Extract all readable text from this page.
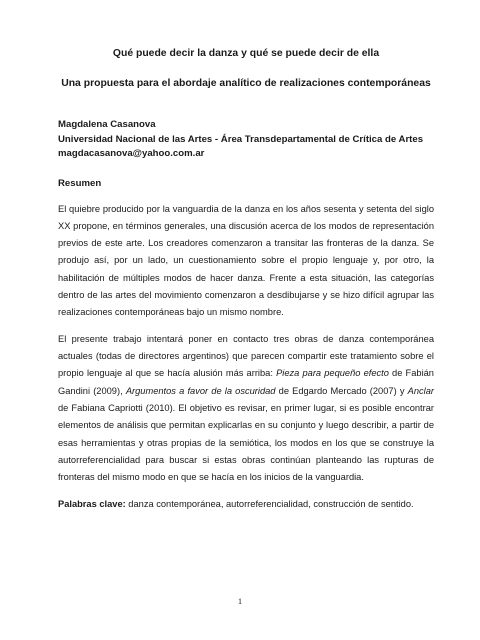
Qué puede decir la danza y qué se puede decir de ella
Una propuesta para el abordaje analítico de realizaciones contemporáneas
Magdalena Casanova
Universidad Nacional de las Artes - Área Transdepartamental de Crítica de Artes
magdacasanova@yahoo.com.ar
Resumen

El quiebre producido por la vanguardia de la danza en los años sesenta y setenta del siglo XX propone, en términos generales, una discusión acerca de los modos de representación previos de este arte. Los creadores comenzaron a transitar las fronteras de la danza. Se produjo así, por un lado, un cuestionamiento sobre el propio lenguaje y, por otro, la habilitación de múltiples modos de hacer danza. Frente a esta situación, las categorías dentro de las artes del movimiento comenzaron a desdibujarse y se hizo difícil agrupar las realizaciones contemporáneas bajo un mismo nombre.

El presente trabajo intentará poner en contacto tres obras de danza contemporánea actuales (todas de directores argentinos) que parecen compartir este tratamiento sobre el propio lenguaje al que se hacía alusión más arriba: Pieza para pequeño efecto de Fabián Gandini (2009), Argumentos a favor de la oscuridad de Edgardo Mercado (2007) y Anclar de Fabiana Capriotti (2010). El objetivo es revisar, en primer lugar, si es posible encontrar elementos de análisis que permitan explicarlas en su conjunto y luego describir, a partir de esas herramientas y otras propias de la semiótica, los modos en los que se construye la autorreferencialidad para buscar si estas obras continúan planteando las rupturas de fronteras del mismo modo en que se hacía en los inicios de la vanguardia.

Palabras clave: danza contemporánea, autorreferencialidad, construcción de sentido.

1
